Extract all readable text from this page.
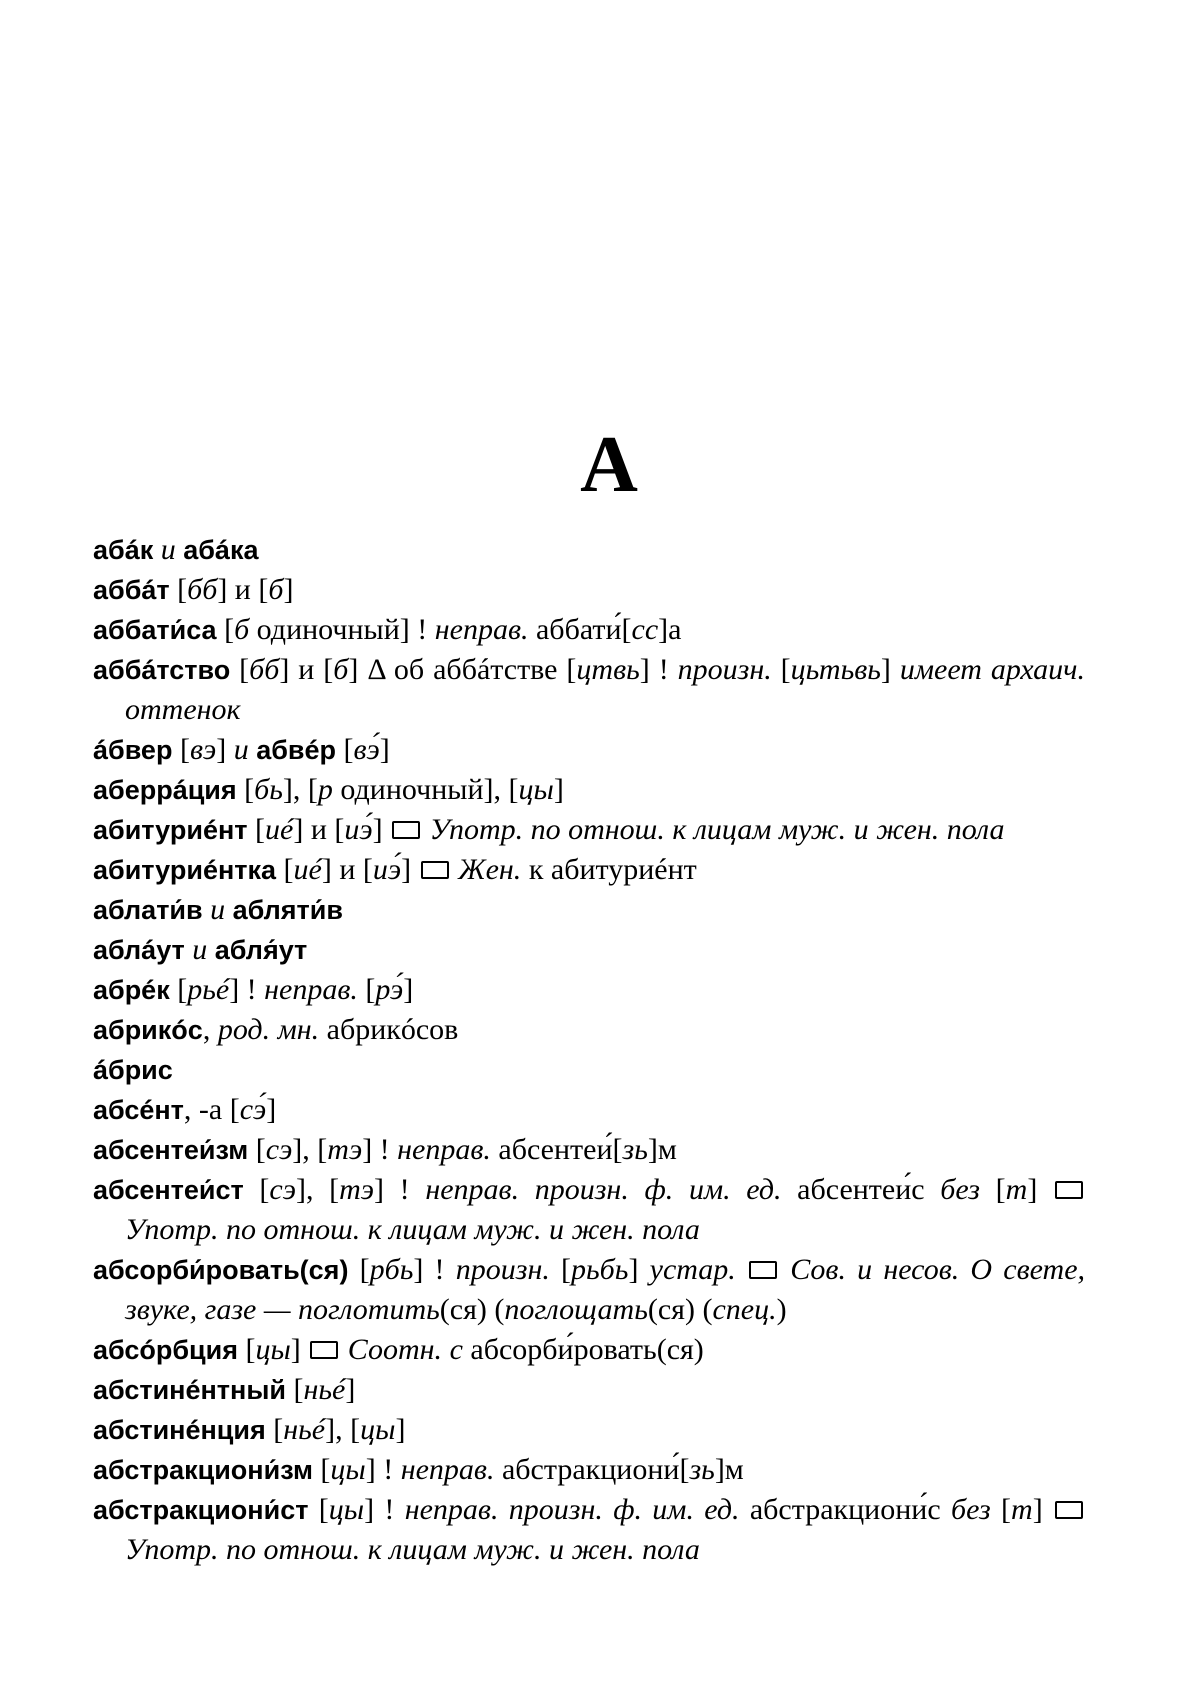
А

абáк и абáка

аббáт [бб] и [б]

аббати́са [б одиночный] ! неправ. аббати́[сс]а

аббáтство [бб] и [б] Δ об аббáтстве [цтвь] ! произн. [цьтьвь] имеет архаич. оттенок

áбвер [вэ] и абвéр [вэ́]

аберрáция [бь], [р одиночный], [цы]

абитуриéнт [иé] и [иэ́]  Употр. по отнош. к лицам муж. и жен. пола

абитуриéнтка [иé] и [иэ́]  Жен. к абитуриéнт

аблати́в и абляти́в

аблáут и абля́ут

абрéк [рьé] ! неправ. [рэ́]

абрикóс, род. мн. абрикóсов

áбрис

абсéнт, -а [сэ́]

абсентеи́зм [сэ], [тэ] ! неправ. абсентеи́[зь]м

абсентеи́ст [сэ], [тэ] ! неправ. произн. ф. им. ед. абсентеи́с без [т]  Употр. по отнош. к лицам муж. и жен. пола

абсорби́ровать(ся) [рбь] ! произн. [рьбь] устар. Сов. и несов. О свете, звуке, газе — поглотить(ся) (поглощать(ся) (спец.)

абсóрбция [цы]  Соотн. с абсорби́ровать(ся)

абстинéнтный [ньé]

абстинéнция [ньé], [цы]

абстракциони́зм [цы] ! неправ. абстракциони́[зь]м

абстракциони́ст [цы] ! неправ. произн. ф. им. ед. абстракциони́с без [т]  Употр. по отнош. к лицам муж. и жен. пола
